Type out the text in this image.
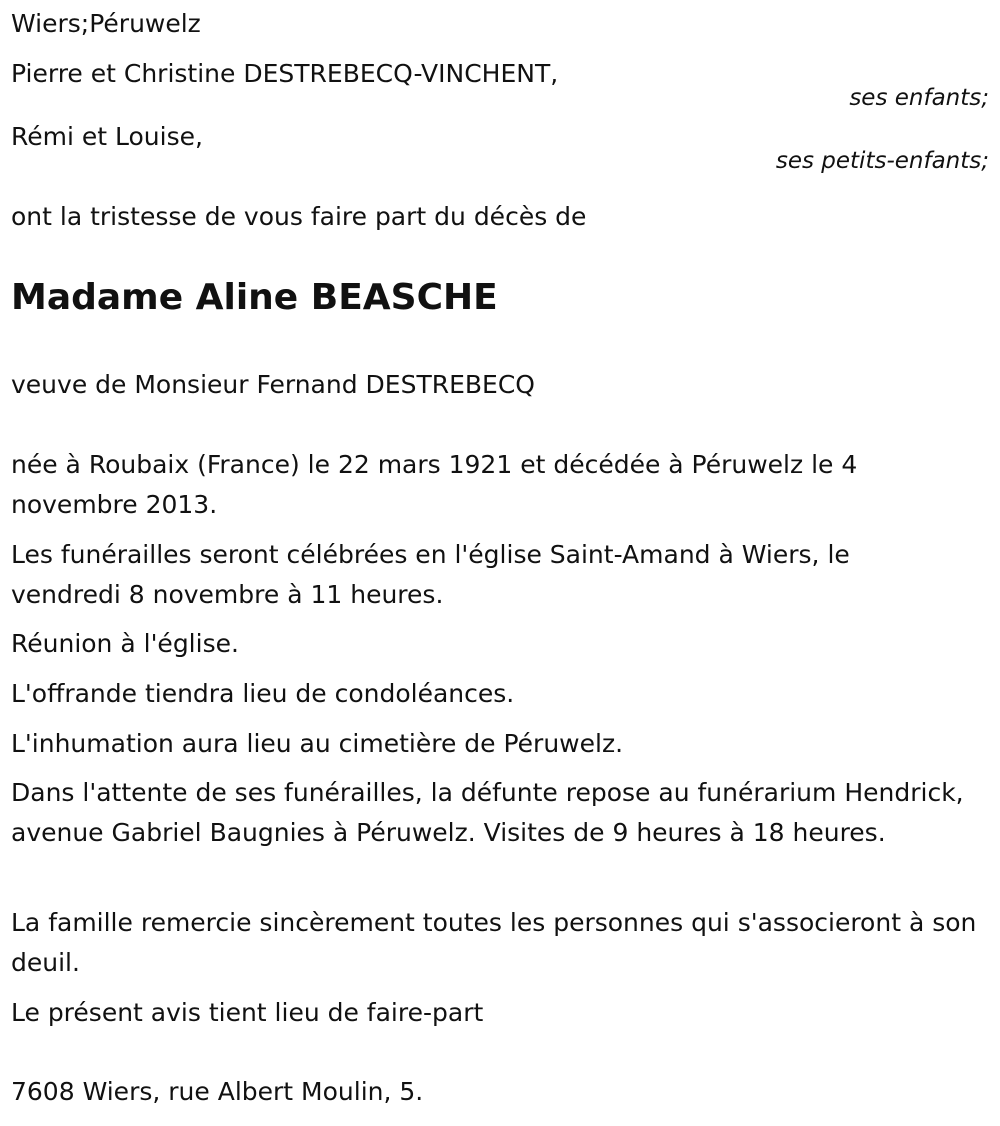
Wiers;Péruwelz
Pierre et Christine DESTREBECQ-VINCHENT,
ses enfants;
Rémi et Louise,
ses petits-enfants;
ont la tristesse de vous faire part du décès de
Madame Aline BEASCHE
veuve de Monsieur Fernand DESTREBECQ
née à Roubaix (France) le 22 mars 1921 et décédée à Péruwelz le 4 novembre 2013.
Les funérailles seront célébrées en l'église Saint-Amand à Wiers, le vendredi 8 novembre à 11 heures.
Réunion à l'église.
L'offrande tiendra lieu de condoléances.
L'inhumation aura lieu au cimetière de Péruwelz.
Dans l'attente de ses funérailles, la défunte repose au funérarium Hendrick, avenue Gabriel Baugnies à Péruwelz. Visites de 9 heures à 18 heures.
La famille remercie sincèrement toutes les personnes qui s'associeront à son deuil.
Le présent avis tient lieu de faire-part
7608 Wiers, rue Albert Moulin, 5.
